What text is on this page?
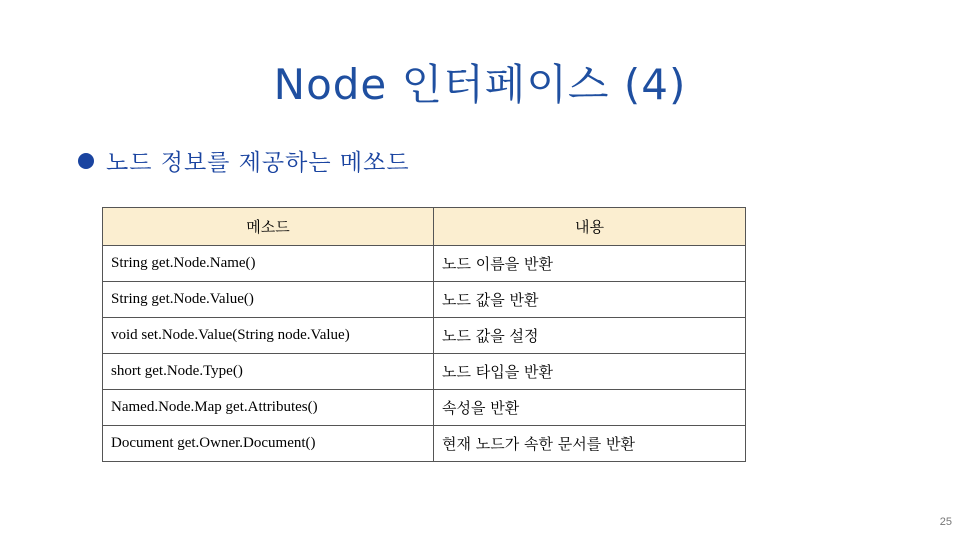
Node 인터페이스 (4)
노드 정보를 제공하는 메쏘드
메소드	내용
String get.Node.Name()	노드 이름을 반환
String get.Node.Value()	노드 값을 반환
void set.Node.Value(String node.Value)	노드 값을 설정
short get.Node.Type()	노드 타입을 반환
Named.Node.Map get.Attributes()	속성을 반환
Document get.Owner.Document()	현재 노드가 속한 문서를 반환
25
